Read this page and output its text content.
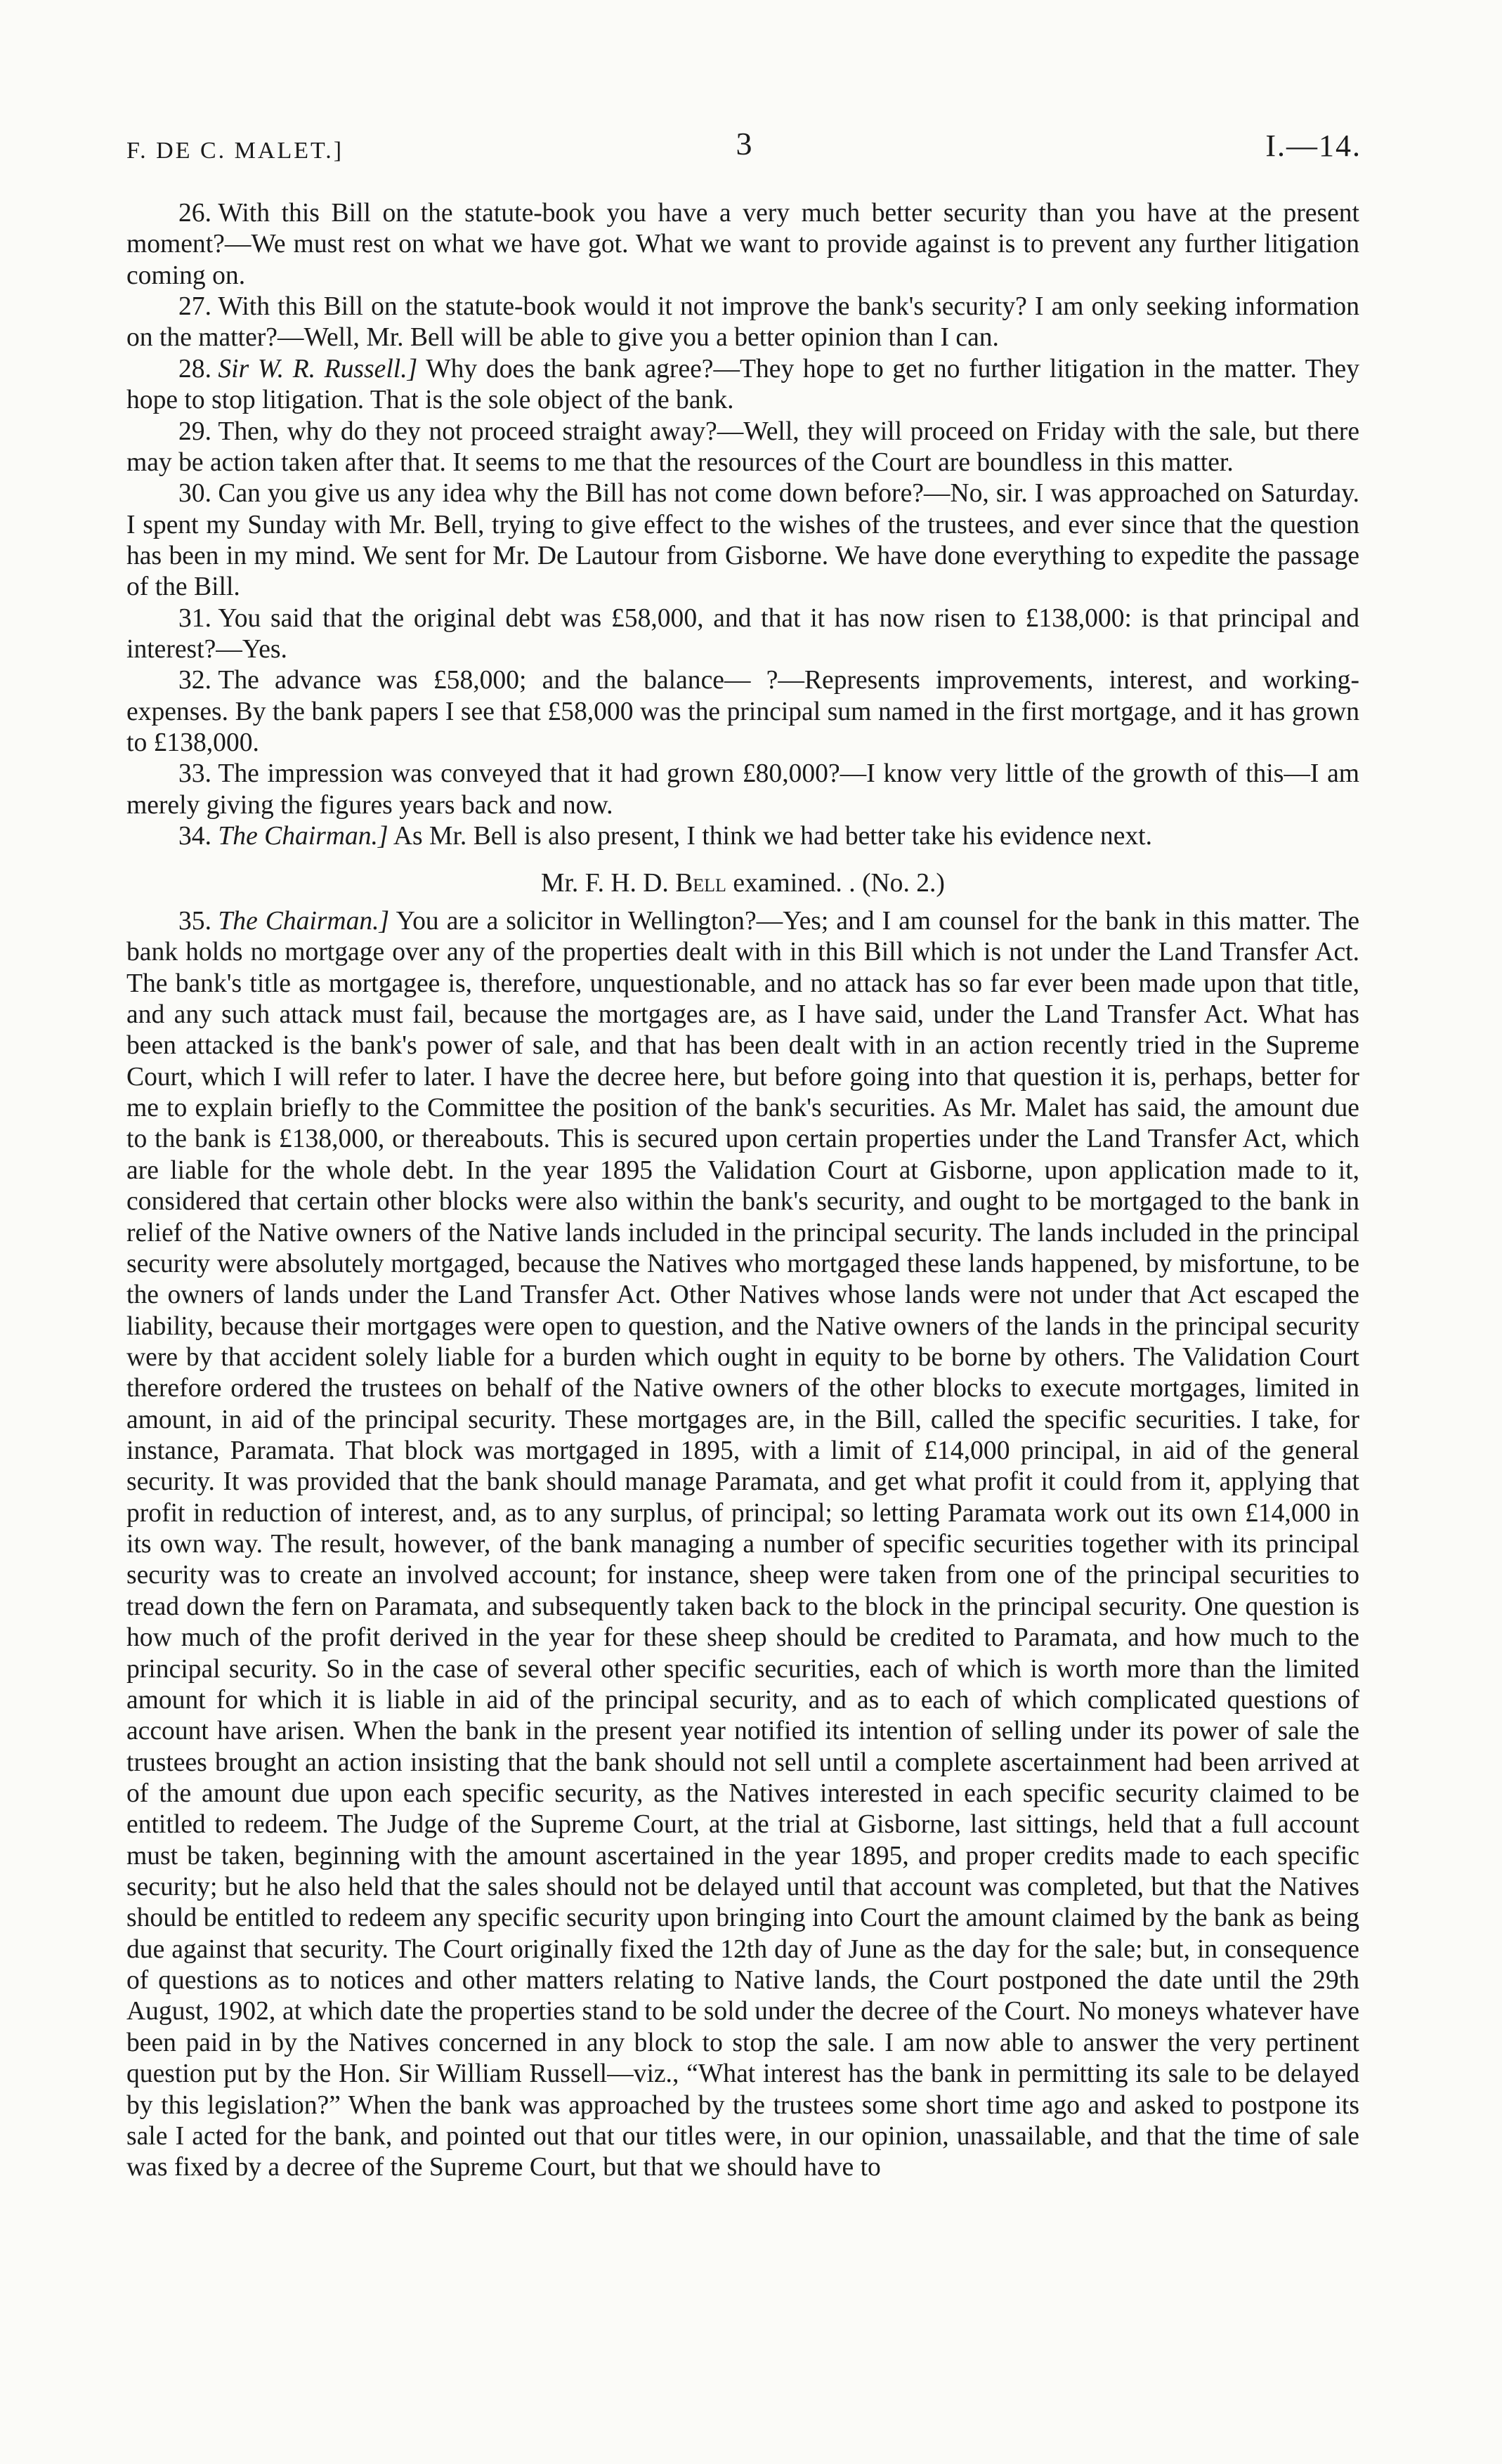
F. DE C. MALET.]	3	I.—14.

26. With this Bill on the statute-book you have a very much better security than you have at the present moment?—We must rest on what we have got. What we want to provide against is to prevent any further litigation coming on.

27. With this Bill on the statute-book would it not improve the bank's security? I am only seeking information on the matter?—Well, Mr. Bell will be able to give you a better opinion than I can.

28. Sir W. R. Russell.] Why does the bank agree?—They hope to get no further litigation in the matter. They hope to stop litigation. That is the sole object of the bank.

29. Then, why do they not proceed straight away?—Well, they will proceed on Friday with the sale, but there may be action taken after that. It seems to me that the resources of the Court are boundless in this matter.

30. Can you give us any idea why the Bill has not come down before?—No, sir. I was approached on Saturday. I spent my Sunday with Mr. Bell, trying to give effect to the wishes of the trustees, and ever since that the question has been in my mind. We sent for Mr. De Lautour from Gisborne. We have done everything to expedite the passage of the Bill.

31. You said that the original debt was £58,000, and that it has now risen to £138,000: is that principal and interest?—Yes.

32. The advance was £58,000; and the balance— ?—Represents improvements, interest, and working-expenses. By the bank papers I see that £58,000 was the principal sum named in the first mortgage, and it has grown to £138,000.

33. The impression was conveyed that it had grown £80,000?—I know very little of the growth of this—I am merely giving the figures years back and now.

34. The Chairman.] As Mr. Bell is also present, I think we had better take his evidence next.

Mr. F. H. D. Bell examined. . (No. 2.)

35. The Chairman.] You are a solicitor in Wellington?—Yes; and I am counsel for the bank in this matter. The bank holds no mortgage over any of the properties dealt with in this Bill which is not under the Land Transfer Act. The bank's title as mortgagee is, therefore, unquestionable, and no attack has so far ever been made upon that title, and any such attack must fail, because the mortgages are, as I have said, under the Land Transfer Act. What has been attacked is the bank's power of sale, and that has been dealt with in an action recently tried in the Supreme Court, which I will refer to later. I have the decree here, but before going into that question it is, perhaps, better for me to explain briefly to the Committee the position of the bank's securities. As Mr. Malet has said, the amount due to the bank is £138,000, or thereabouts. This is secured upon certain properties under the Land Transfer Act, which are liable for the whole debt. In the year 1895 the Validation Court at Gisborne, upon application made to it, considered that certain other blocks were also within the bank's security, and ought to be mortgaged to the bank in relief of the Native owners of the Native lands included in the principal security. The lands included in the principal security were absolutely mortgaged, because the Natives who mortgaged these lands happened, by misfortune, to be the owners of lands under the Land Transfer Act. Other Natives whose lands were not under that Act escaped the liability, because their mortgages were open to question, and the Native owners of the lands in the principal security were by that accident solely liable for a burden which ought in equity to be borne by others. The Validation Court therefore ordered the trustees on behalf of the Native owners of the other blocks to execute mortgages, limited in amount, in aid of the principal security. These mortgages are, in the Bill, called the specific securities. I take, for instance, Paramata. That block was mortgaged in 1895, with a limit of £14,000 principal, in aid of the general security. It was provided that the bank should manage Paramata, and get what profit it could from it, applying that profit in reduction of interest, and, as to any surplus, of principal; so letting Paramata work out its own £14,000 in its own way. The result, however, of the bank managing a number of specific securities together with its principal security was to create an involved account; for instance, sheep were taken from one of the principal securities to tread down the fern on Paramata, and subsequently taken back to the block in the principal security. One question is how much of the profit derived in the year for these sheep should be credited to Paramata, and how much to the principal security. So in the case of several other specific securities, each of which is worth more than the limited amount for which it is liable in aid of the principal security, and as to each of which complicated questions of account have arisen. When the bank in the present year notified its intention of selling under its power of sale the trustees brought an action insisting that the bank should not sell until a complete ascertainment had been arrived at of the amount due upon each specific security, as the Natives interested in each specific security claimed to be entitled to redeem. The Judge of the Supreme Court, at the trial at Gisborne, last sittings, held that a full account must be taken, beginning with the amount ascertained in the year 1895, and proper credits made to each specific security; but he also held that the sales should not be delayed until that account was completed, but that the Natives should be entitled to redeem any specific security upon bringing into Court the amount claimed by the bank as being due against that security. The Court originally fixed the 12th day of June as the day for the sale; but, in consequence of questions as to notices and other matters relating to Native lands, the Court postponed the date until the 29th August, 1902, at which date the properties stand to be sold under the decree of the Court. No moneys whatever have been paid in by the Natives concerned in any block to stop the sale. I am now able to answer the very pertinent question put by the Hon. Sir William Russell—viz., “What interest has the bank in permitting its sale to be delayed by this legislation?” When the bank was approached by the trustees some short time ago and asked to postpone its sale I acted for the bank, and pointed out that our titles were, in our opinion, unassailable, and that the time of sale was fixed by a decree of the Supreme Court, but that we should have to
